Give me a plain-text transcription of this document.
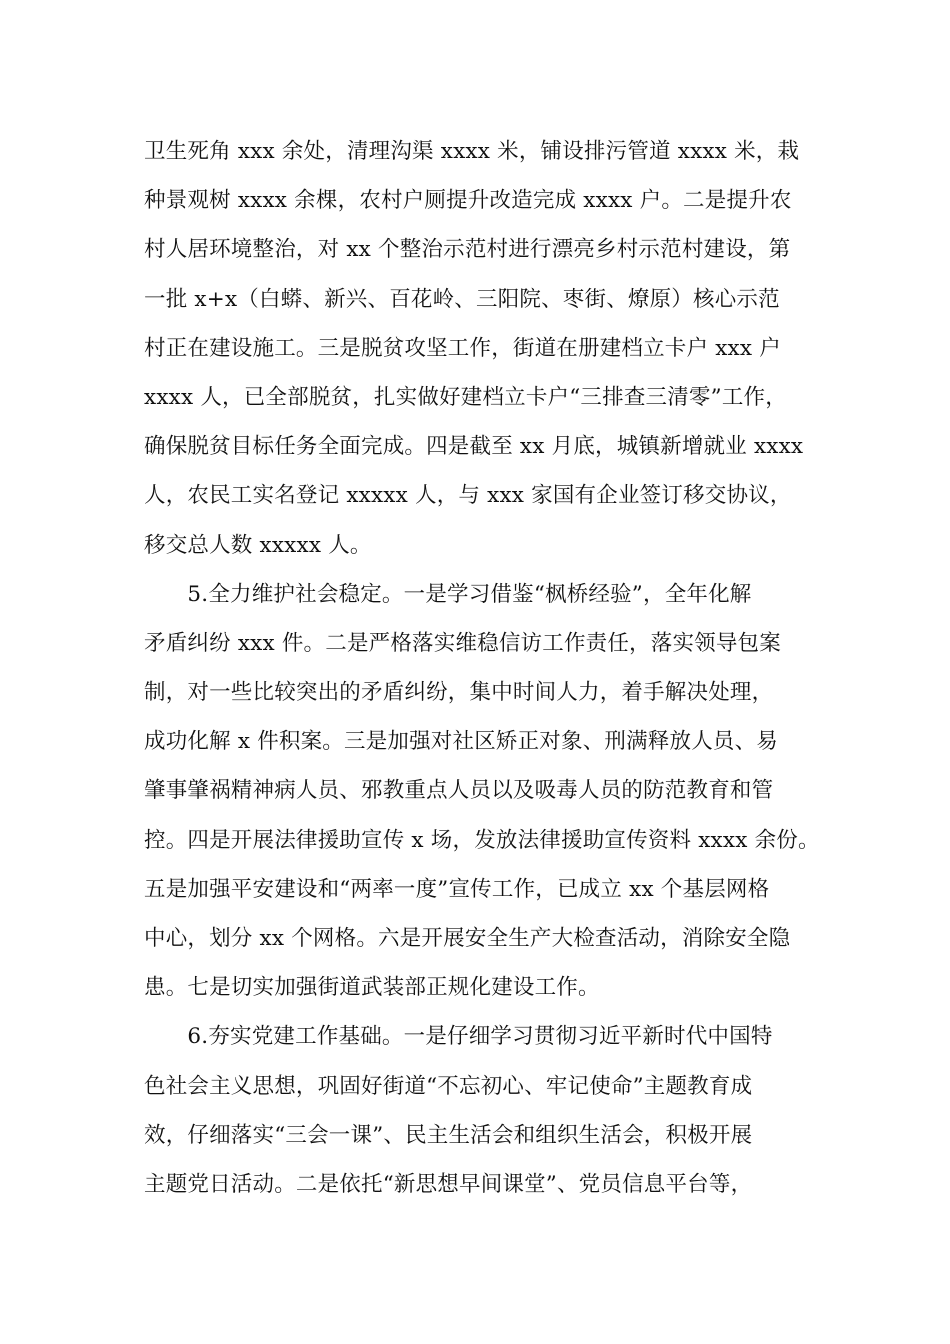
卫生死角 xxx 余处，清理沟渠 xxxx 米，铺设排污管道 xxxx 米，栽
种景观树 xxxx 余棵，农村户厕提升改造完成 xxxx 户。二是提升农
村人居环境整治，对 xx 个整治示范村进行漂亮乡村示范村建设，第
一批 x+x（白蟒、新兴、百花岭、三阳院、枣街、燎原）核心示范
村正在建设施工。三是脱贫攻坚工作，街道在册建档立卡户 xxx 户
xxxx 人，已全部脱贫，扎实做好建档立卡户“三排查三清零”工作，
确保脱贫目标任务全面完成。四是截至 xx 月底，城镇新增就业 xxxx
人，农民工实名登记 xxxxx 人，与 xxx 家国有企业签订移交协议，
移交总人数 xxxxx 人。
　　5.全力维护社会稳定。一是学习借鉴“枫桥经验”，全年化解
矛盾纠纷 xxx 件。二是严格落实维稳信访工作责任，落实领导包案
制，对一些比较突出的矛盾纠纷，集中时间人力，着手解决处理，
成功化解 x 件积案。三是加强对社区矫正对象、刑满释放人员、易
肇事肇祸精神病人员、邪教重点人员以及吸毒人员的防范教育和管
控。四是开展法律援助宣传 x 场，发放法律援助宣传资料 xxxx 余份。
五是加强平安建设和“两率一度”宣传工作，已成立 xx 个基层网格
中心，划分 xx 个网格。六是开展安全生产大检查活动，消除安全隐
患。七是切实加强街道武装部正规化建设工作。
　　6.夯实党建工作基础。一是仔细学习贯彻习近平新时代中国特
色社会主义思想，巩固好街道“不忘初心、牢记使命”主题教育成
效，仔细落实“三会一课”、民主生活会和组织生活会，积极开展
主题党日活动。二是依托“新思想早间课堂”、党员信息平台等，
